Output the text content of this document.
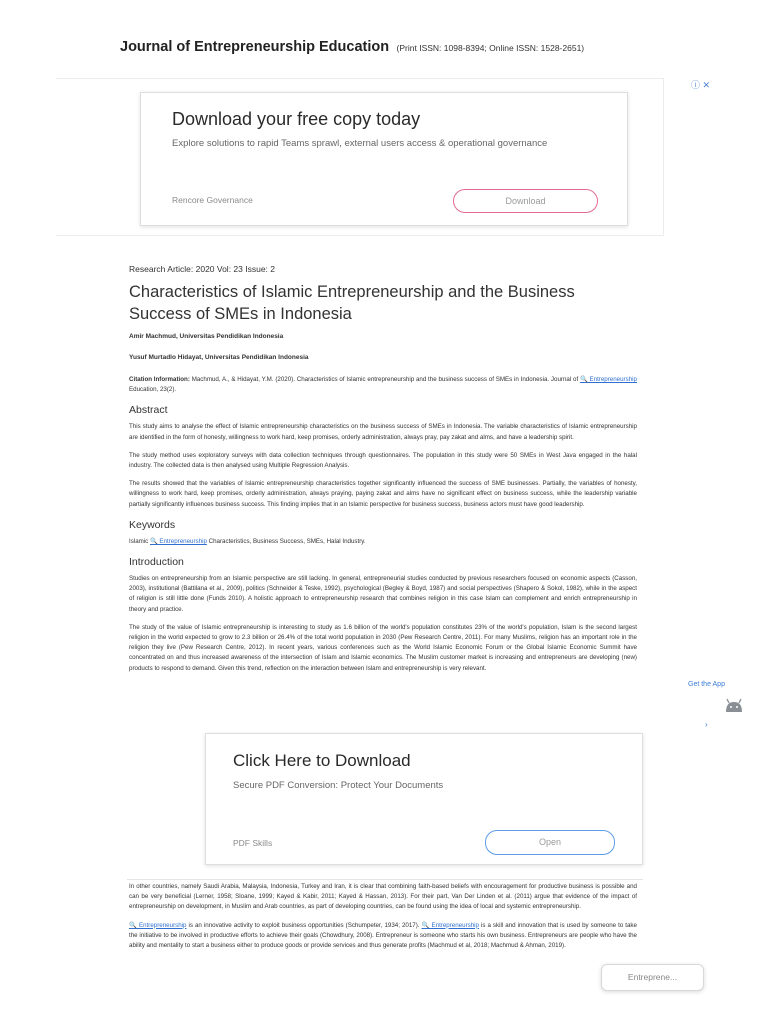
Journal of Entrepreneurship Education (Print ISSN: 1098-8394; Online ISSN: 1528-2651)
ⓘ ✕
Download your free copy today
Explore solutions to rapid Teams sprawl, external users access & operational governance
Rencore Governance	Download
Research Article: 2020 Vol: 23 Issue: 2
Characteristics of Islamic Entrepreneurship and the Business Success of SMEs in Indonesia
Amir Machmud, Universitas Pendidikan Indonesia
Yusuf Murtadlo Hidayat, Universitas Pendidikan Indonesia
Citation Information: Machmud, A., & Hidayat, Y.M. (2020). Characteristics of Islamic entrepreneurship and the business success of SMEs in Indonesia. Journal of 🔍 Entrepreneurship Education, 23(2).
Abstract
This study aims to analyse the effect of Islamic entrepreneurship characteristics on the business success of SMEs in Indonesia. The variable characteristics of Islamic entrepreneurship are identified in the form of honesty, willingness to work hard, keep promises, orderly administration, always pray, pay zakat and alms, and have a leadership spirit.
The study method uses exploratory surveys with data collection techniques through questionnaires. The population in this study were 50 SMEs in West Java engaged in the halal industry. The collected data is then analysed using Multiple Regression Analysis.
The results showed that the variables of Islamic entrepreneurship characteristics together significantly influenced the success of SME businesses. Partially, the variables of honesty, willingness to work hard, keep promises, orderly administration, always praying, paying zakat and alms have no significant effect on business success, while the leadership variable partially significantly influences business success. This finding implies that in an Islamic perspective for business success, business actors must have good leadership.
Keywords
Islamic 🔍 Entrepreneurship Characteristics, Business Success, SMEs, Halal Industry.
Introduction
Studies on entrepreneurship from an Islamic perspective are still lacking. In general, entrepreneurial studies conducted by previous researchers focused on economic aspects (Casson, 2003), institutional (Battilana et al., 2009), politics (Schneider & Teske, 1992), psychological (Begley & Boyd, 1987) and social perspectives (Shapero & Sokol, 1982), while in the aspect of religion is still little done (Funds 2010). A holistic approach to entrepreneurship research that combines religion in this case Islam can complement and enrich entrepreneurship in theory and practice.
The study of the value of Islamic entrepreneurship is interesting to study as 1.6 billion of the world's population constitutes 23% of the world's population, Islam is the second largest religion in the world expected to grow to 2.3 billion or 26.4% of the total world population in 2030 (Pew Research Centre, 2011). For many Muslims, religion has an important role in the religion they live (Pew Research Centre, 2012). In recent years, various conferences such as the World Islamic Economic Forum or the Global Islamic Economic Summit have concentrated on and thus increased awareness of the intersection of Islam and Islamic economics. The Muslim customer market is increasing and entrepreneurs are developing (new) products to respond to demand. Given this trend, reflection on the interaction between Islam and entrepreneurship is very relevant.
Get the App
›
Click Here to Download
Secure PDF Conversion: Protect Your Documents
PDF Skills	Open
In other countries, namely Saudi Arabia, Malaysia, Indonesia, Turkey and Iran, it is clear that combining faith-based beliefs with encouragement for productive business is possible and can be very beneficial (Lerner, 1958; Sloane, 1999; Kayed & Kabir, 2011; Kayed & Hassan, 2013). For their part, Van Der Linden et al. (2011) argue that evidence of the impact of entrepreneurship on development, in Muslim and Arab countries, as part of developing countries, can be found using the idea of local and systemic entrepreneurship.
🔍 Entrepreneurship is an innovative activity to exploit business opportunities (Schumpeter, 1934; 2017). 🔍 Entrepreneurship is a skill and innovation that is used by someone to take the initiative to be involved in productive efforts to achieve their goals (Chowdhury, 2008). Entrepreneur is someone who starts his own business. Entrepreneurs are people who have the ability and mentality to start a business either to produce goods or provide services and thus generate profits (Machmud et al, 2018; Machmud & Ahman, 2019).
Entreprene...
